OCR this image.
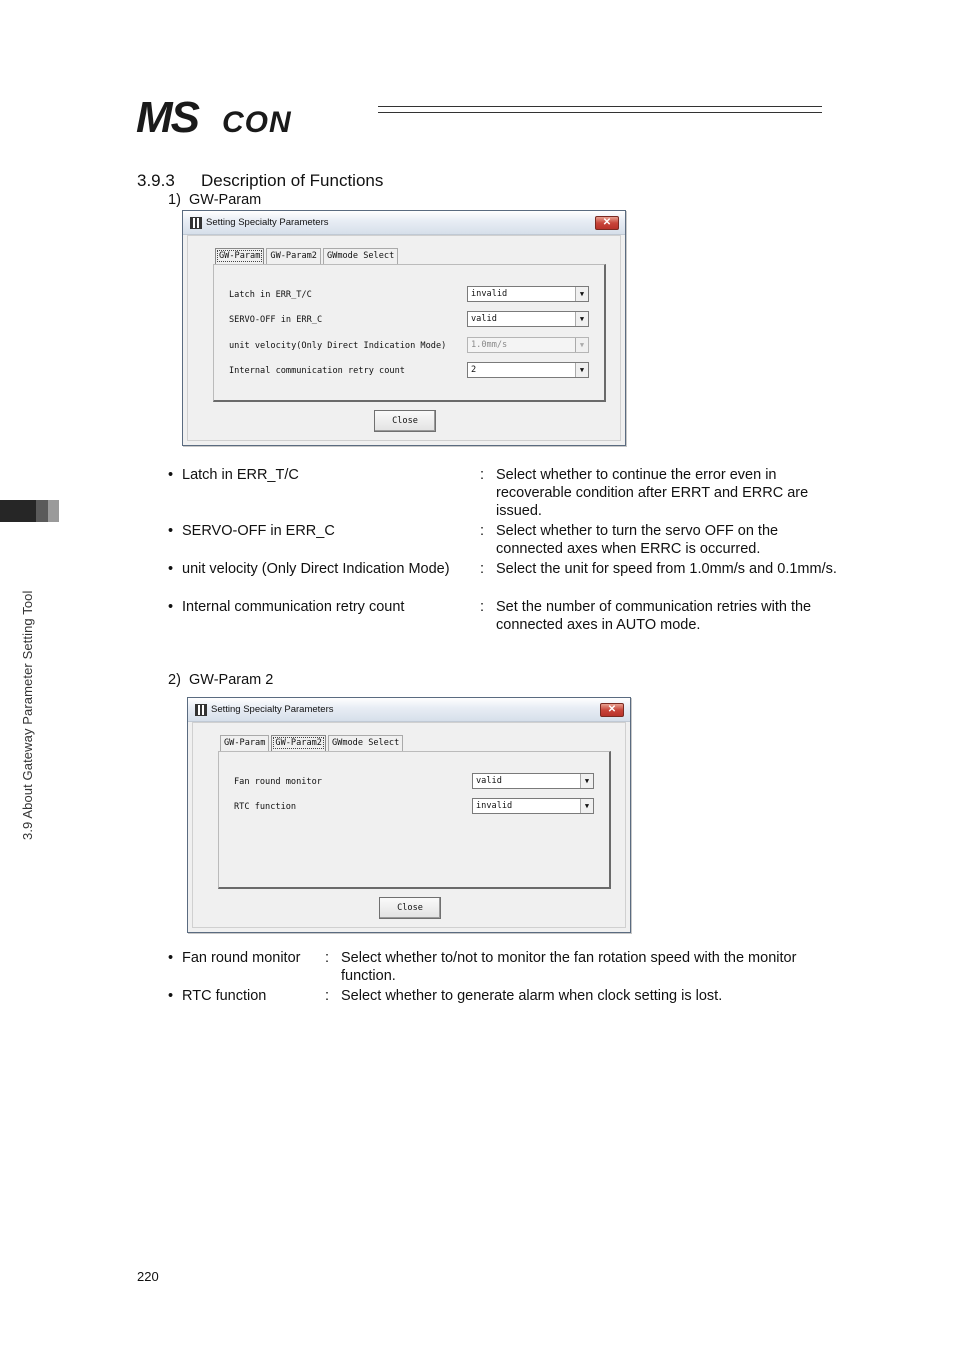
MS CON
3.9 About Gateway Parameter Setting Tool
3.9.3 Description of Functions
1) GW-Param
Setting Specialty Parameters	✕
GW-Param	GW-Param2	GWmode Select
Latch in ERR_T/C	invalid	▼
SERVO-OFF in ERR_C	valid	▼
unit velocity(Only Direct Indication Mode)	1.0mm/s	▼
Internal communication retry count	2	▼
Close
• Latch in ERR_T/C	: Select whether to continue the error even in recoverable condition after ERRT and ERRC are issued.
• SERVO-OFF in ERR_C	: Select whether to turn the servo OFF on the connected axes when ERRC is occurred.
• unit velocity (Only Direct Indication Mode) : Select the unit for speed from 1.0mm/s and 0.1mm/s.
• Internal communication retry count	: Set the number of communication retries with the connected axes in AUTO mode.
2) GW-Param 2
Setting Specialty Parameters	✕
GW-Param	GW-Param2	GWmode Select
Fan round monitor	valid	▼
RTC function	invalid	▼
Close
• Fan round monitor : Select whether to/not to monitor the fan rotation speed with the monitor function.
• RTC function	: Select whether to generate alarm when clock setting is lost.
220
